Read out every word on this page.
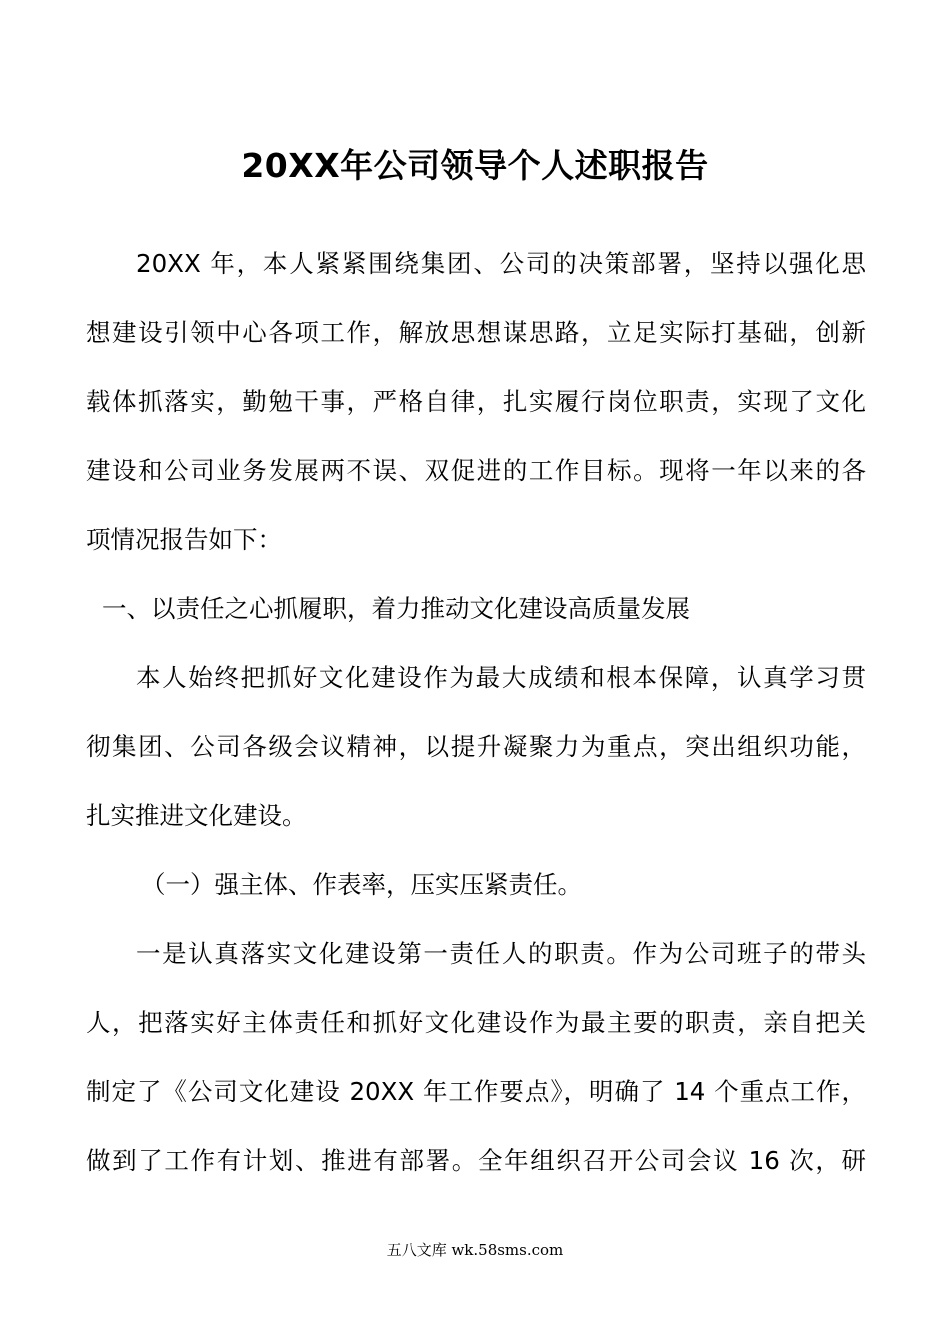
20XX年公司领导个人述职报告
20XX 年，本人紧紧围绕集团、公司的决策部署，坚持以强化思
想建设引领中心各项工作，解放思想谋思路，立足实际打基础，创新
载体抓落实，勤勉干事，严格自律，扎实履行岗位职责，实现了文化
建设和公司业务发展两不误、双促进的工作目标。现将一年以来的各
项情况报告如下：
一、以责任之心抓履职，着力推动文化建设高质量发展
本人始终把抓好文化建设作为最大成绩和根本保障，认真学习贯
彻集团、公司各级会议精神，以提升凝聚力为重点，突出组织功能，
扎实推进文化建设。
（一）强主体、作表率，压实压紧责任。
一是认真落实文化建设第一责任人的职责。作为公司班子的带头
人，把落实好主体责任和抓好文化建设作为最主要的职责，亲自把关
制定了《公司文化建设 20XX 年工作要点》，明确了 14 个重点工作，
做到了工作有计划、推进有部署。全年组织召开公司会议 16 次，研
五八文库 wk.58sms.com
